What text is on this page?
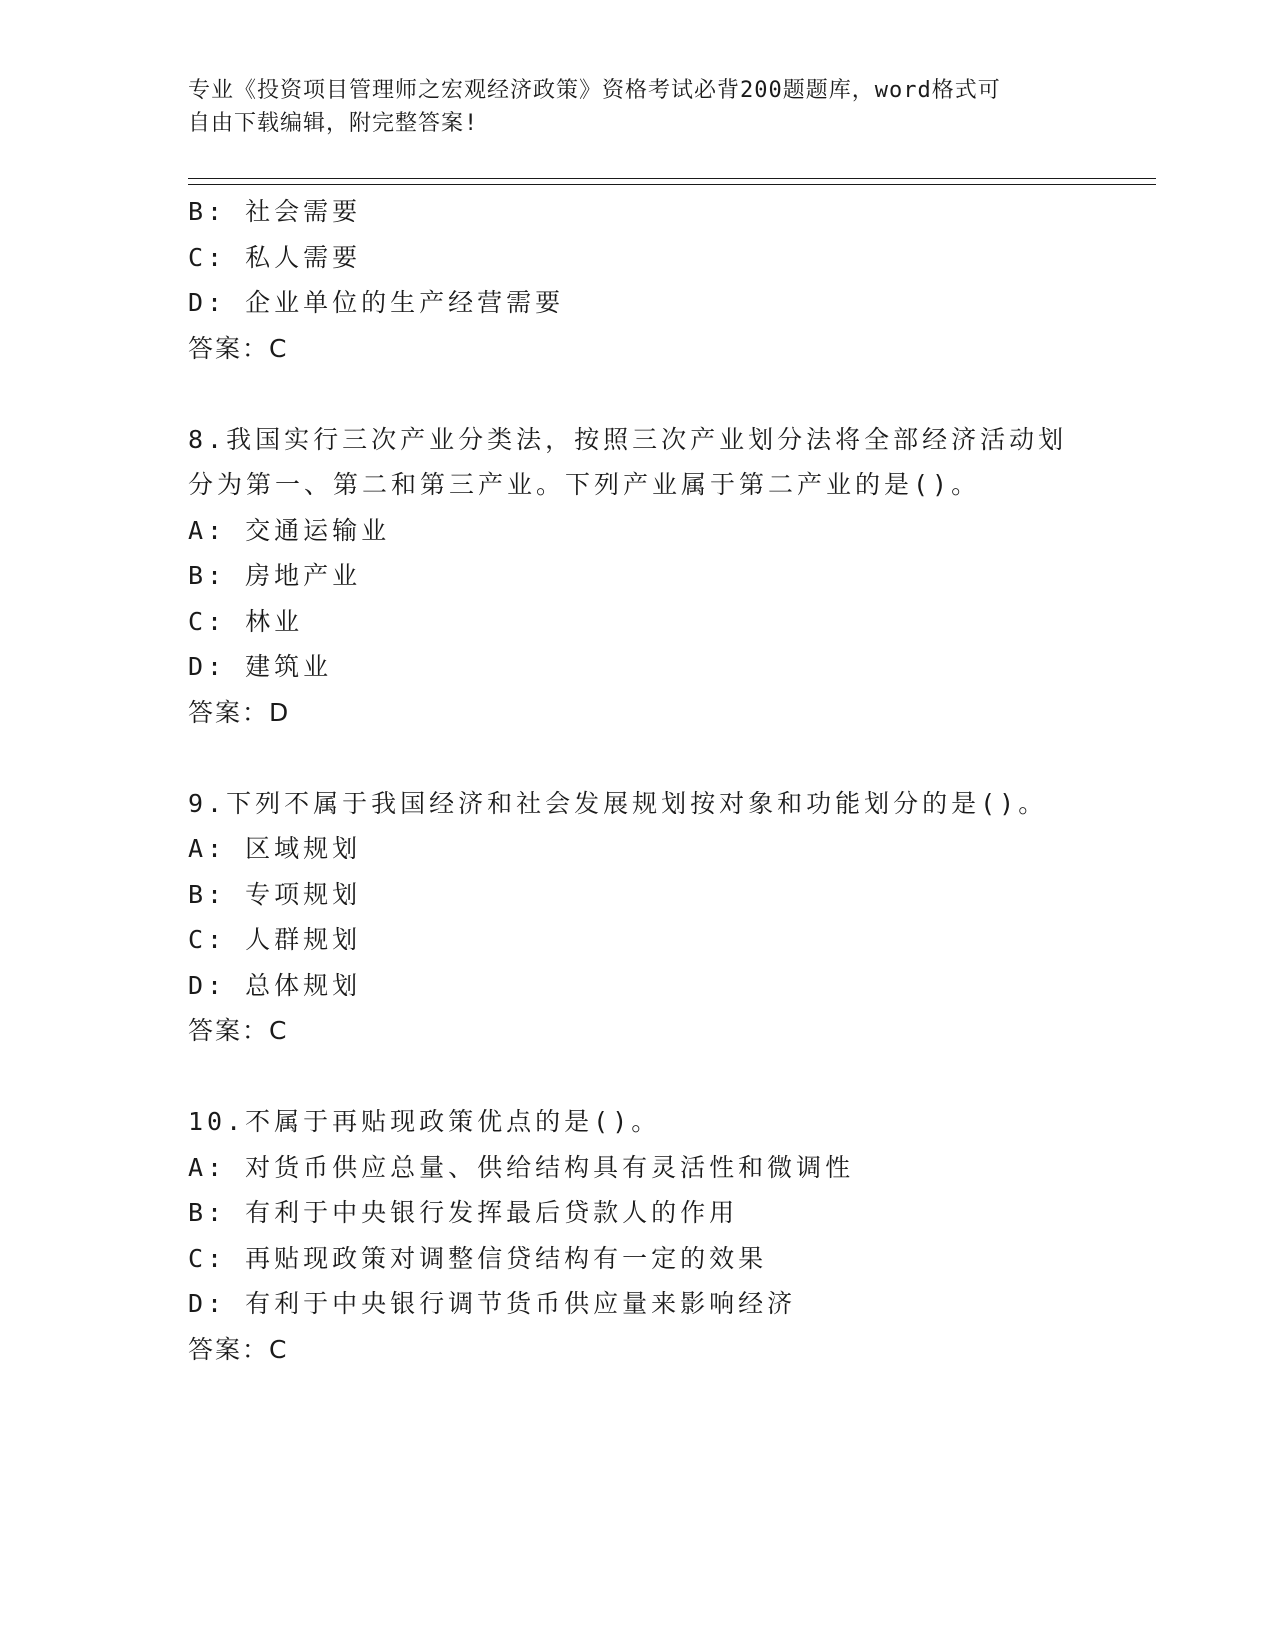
专业《投资项目管理师之宏观经济政策》资格考试必背200题题库，word格式可
自由下载编辑，附完整答案!
B: 社会需要
C: 私人需要
D: 企业单位的生产经营需要
答案：C
8.我国实行三次产业分类法，按照三次产业划分法将全部经济活动划
分为第一、第二和第三产业。下列产业属于第二产业的是()。
A: 交通运输业
B: 房地产业
C: 林业
D: 建筑业
答案：D
9.下列不属于我国经济和社会发展规划按对象和功能划分的是()。
A: 区域规划
B: 专项规划
C: 人群规划
D: 总体规划
答案：C
10.不属于再贴现政策优点的是()。
A: 对货币供应总量、供给结构具有灵活性和微调性
B: 有利于中央银行发挥最后贷款人的作用
C: 再贴现政策对调整信贷结构有一定的效果
D: 有利于中央银行调节货币供应量来影响经济
答案：C
